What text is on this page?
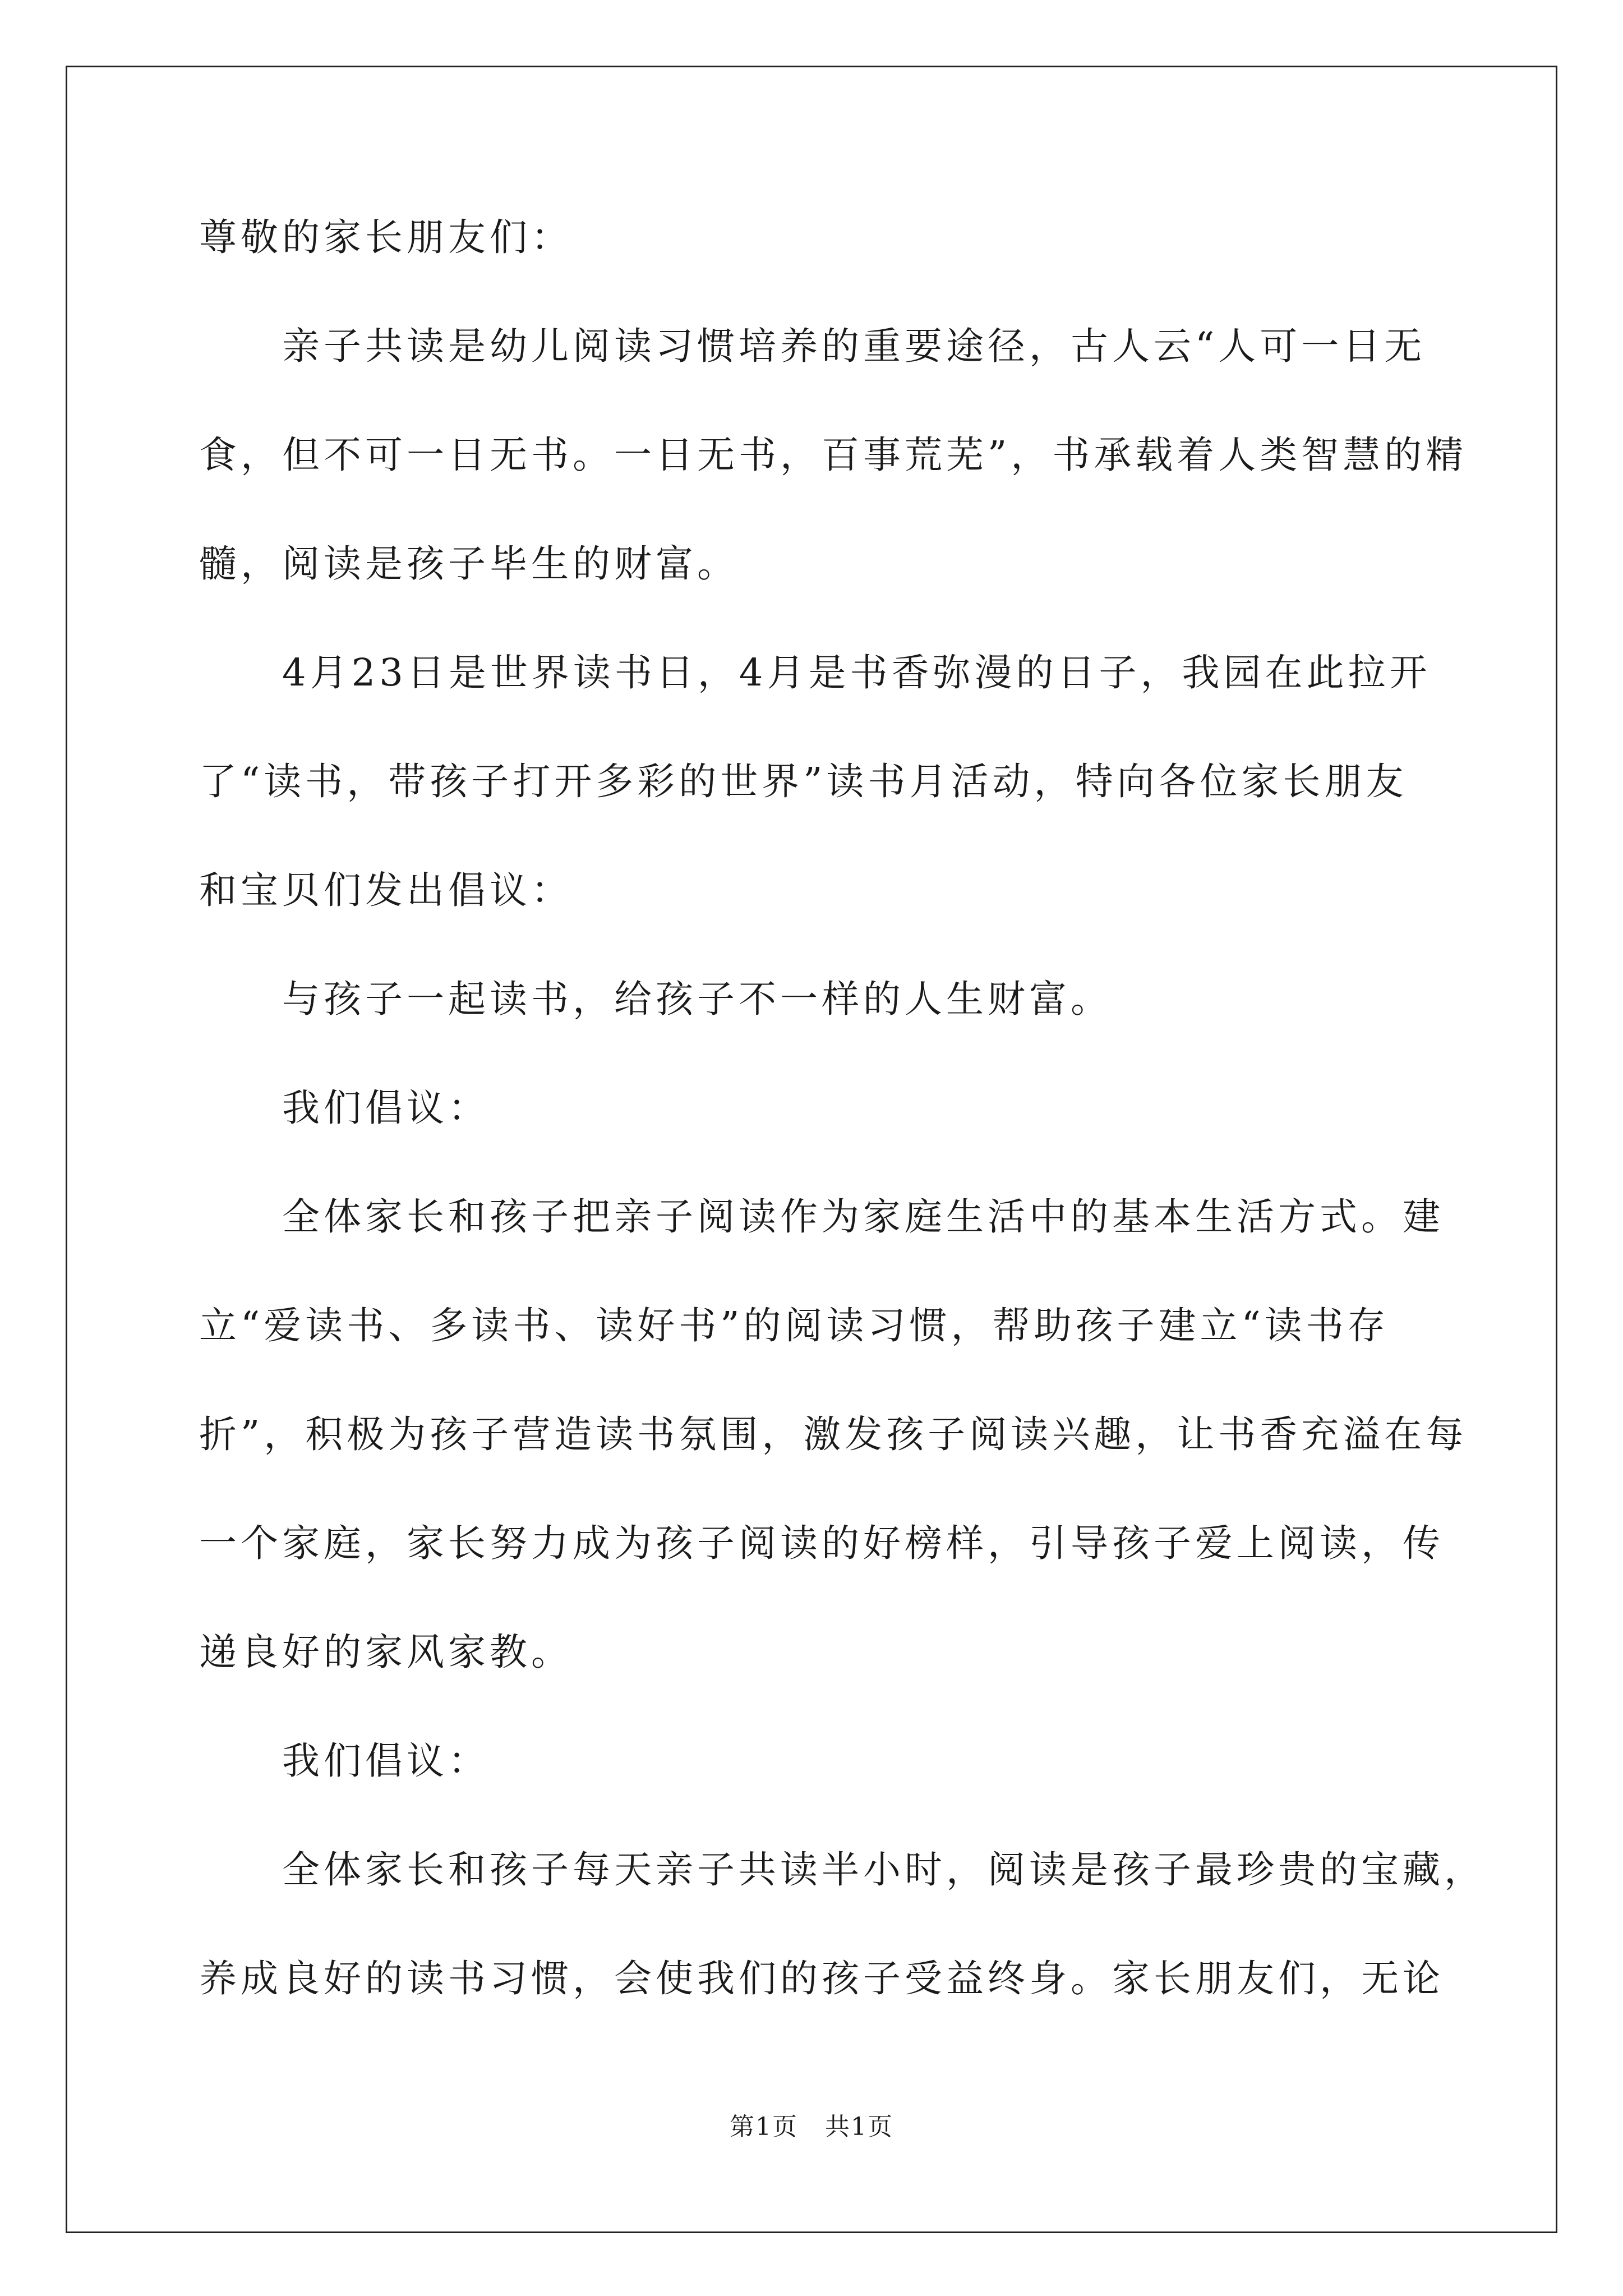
尊敬的家长朋友们：
亲子共读是幼儿阅读习惯培养的重要途径，古人云“人可一日无
食，但不可一日无书。一日无书，百事荒芜”，书承载着人类智慧的精
髓，阅读是孩子毕生的财富。
4月23日是世界读书日，4月是书香弥漫的日子，我园在此拉开
了“读书，带孩子打开多彩的世界”读书月活动，特向各位家长朋友
和宝贝们发出倡议：
与孩子一起读书，给孩子不一样的人生财富。
我们倡议：
全体家长和孩子把亲子阅读作为家庭生活中的基本生活方式。建
立“爱读书、多读书、读好书”的阅读习惯，帮助孩子建立“读书存
折”，积极为孩子营造读书氛围，激发孩子阅读兴趣，让书香充溢在每
一个家庭，家长努力成为孩子阅读的好榜样，引导孩子爱上阅读，传
递良好的家风家教。
我们倡议：
全体家长和孩子每天亲子共读半小时，阅读是孩子最珍贵的宝藏，
养成良好的读书习惯，会使我们的孩子受益终身。家长朋友们，无论
第1页   共1页
